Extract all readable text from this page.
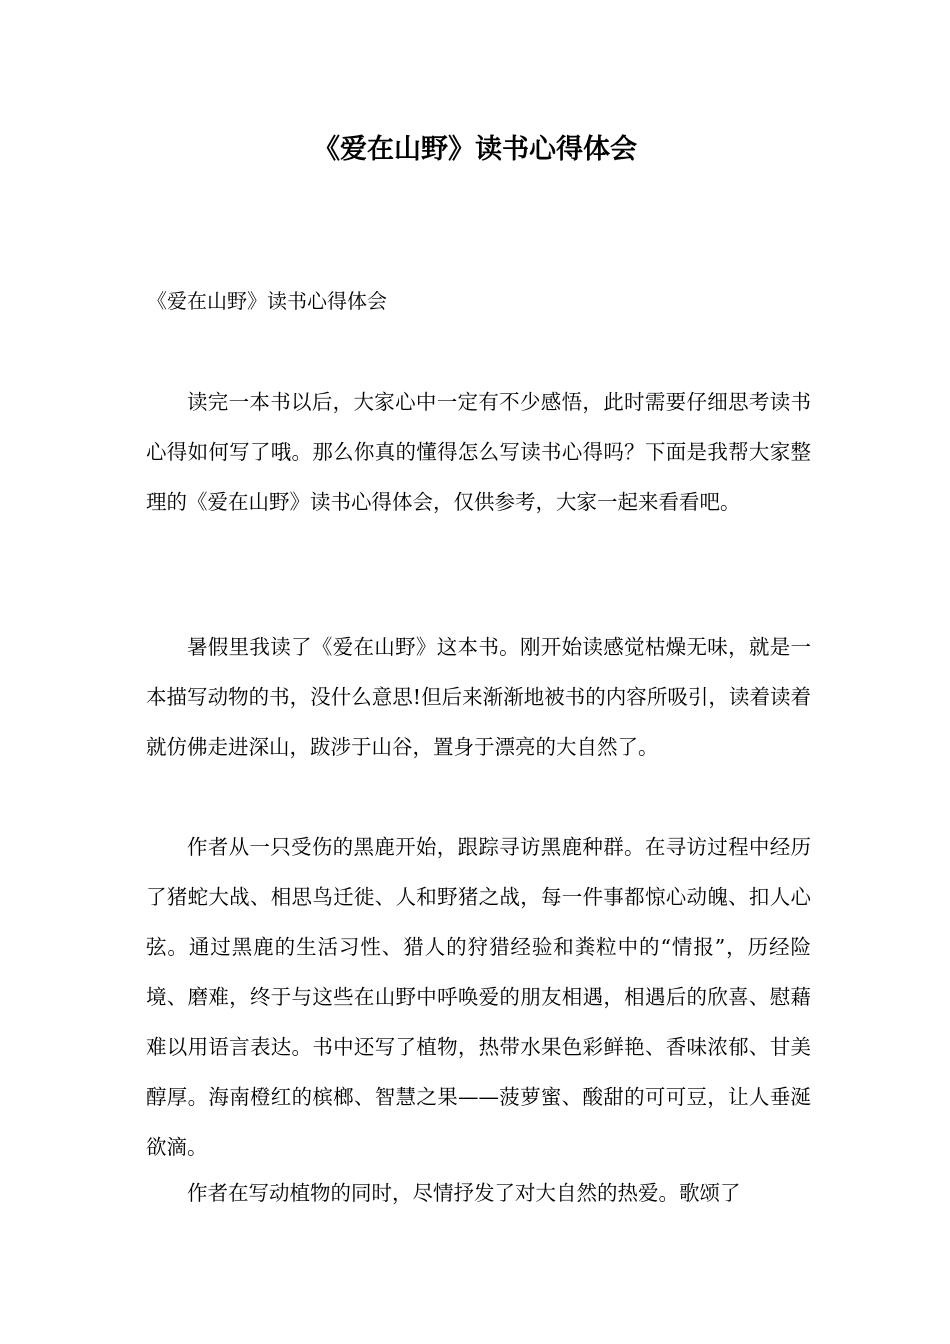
《爱在山野》读书心得体会

《爱在山野》读书心得体会

读完一本书以后，大家心中一定有不少感悟，此时需要仔细思考读书心得如何写了哦。那么你真的懂得怎么写读书心得吗？下面是我帮大家整理的《爱在山野》读书心得体会，仅供参考，大家一起来看看吧。

暑假里我读了《爱在山野》这本书。刚开始读感觉枯燥无味，就是一本描写动物的书，没什么意思!但后来渐渐地被书的内容所吸引，读着读着就仿佛走进深山，跋涉于山谷，置身于漂亮的大自然了。

作者从一只受伤的黑鹿开始，跟踪寻访黑鹿种群。在寻访过程中经历了猪蛇大战、相思鸟迁徙、人和野猪之战，每一件事都惊心动魄、扣人心弦。通过黑鹿的生活习性、猎人的狩猎经验和粪粒中的“情报”，历经险境、磨难，终于与这些在山野中呼唤爱的朋友相遇，相遇后的欣喜、慰藉难以用语言表达。书中还写了植物，热带水果色彩鲜艳、香味浓郁、甘美醇厚。海南橙红的槟榔、智慧之果——菠萝蜜、酸甜的可可豆，让人垂涎欲滴。

作者在写动植物的同时，尽情抒发了对大自然的热爱。歌颂了
